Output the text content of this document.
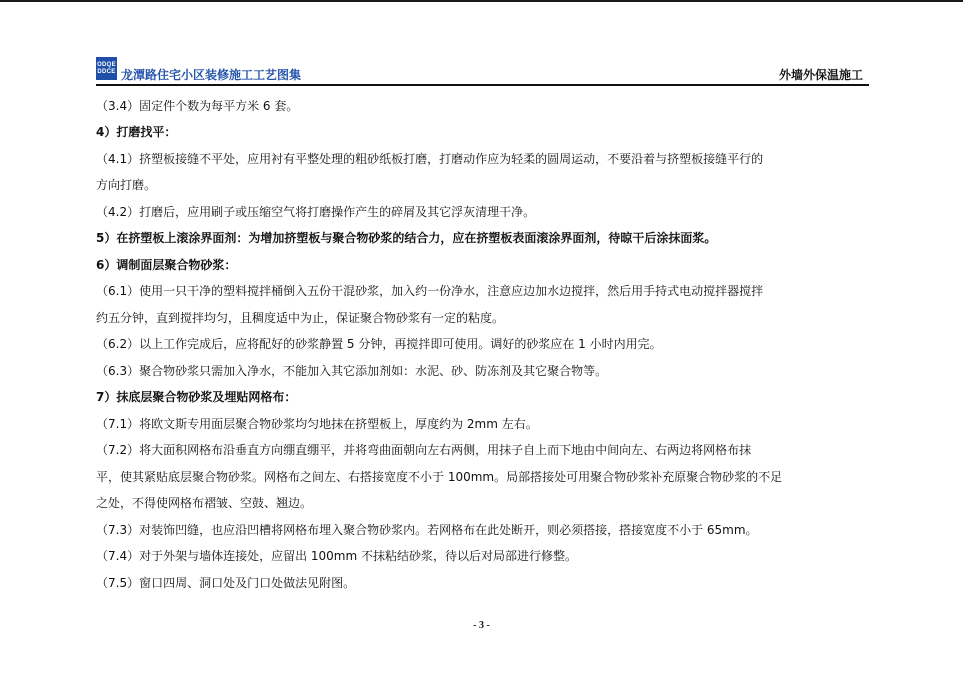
ODQE
DDCE 龙潭路住宅小区装修施工工艺图集	外墙外保温施工
（3.4）固定件个数为每平方米 6 套。
4）打磨找平：
（4.1）挤塑板接缝不平处，应用衬有平整处理的粗砂纸板打磨，打磨动作应为轻柔的圆周运动，不要沿着与挤塑板接缝平行的
方向打磨。
（4.2）打磨后，应用刷子或压缩空气将打磨操作产生的碎屑及其它浮灰清理干净。
5）在挤塑板上滚涂界面剂：为增加挤塑板与聚合物砂浆的结合力，应在挤塑板表面滚涂界面剂，待晾干后涂抹面浆。
6）调制面层聚合物砂浆：
（6.1）使用一只干净的塑料搅拌桶倒入五份干混砂浆，加入约一份净水，注意应边加水边搅拌，然后用手持式电动搅拌器搅拌
约五分钟，直到搅拌均匀，且稠度适中为止，保证聚合物砂浆有一定的粘度。
（6.2）以上工作完成后，应将配好的砂浆静置 5 分钟，再搅拌即可使用。调好的砂浆应在 1 小时内用完。
（6.3）聚合物砂浆只需加入净水，不能加入其它添加剂如：水泥、砂、防冻剂及其它聚合物等。
7）抹底层聚合物砂浆及埋贴网格布：
（7.1）将欧文斯专用面层聚合物砂浆均匀地抹在挤塑板上，厚度约为 2mm 左右。
（7.2）将大面积网格布沿垂直方向绷直绷平，并将弯曲面朝向左右两侧，用抹子自上而下地由中间向左、右两边将网格布抹
平，使其紧贴底层聚合物砂浆。网格布之间左、右搭接宽度不小于 100mm。局部搭接处可用聚合物砂浆补充原聚合物砂浆的不足
之处，不得使网格布褶皱、空鼓、翘边。
（7.3）对装饰凹缝，也应沿凹槽将网格布埋入聚合物砂浆内。若网格布在此处断开，则必须搭接，搭接宽度不小于 65mm。
（7.4）对于外架与墙体连接处，应留出 100mm 不抹粘结砂浆，待以后对局部进行修整。
（7.5）窗口四周、洞口处及门口处做法见附图。
- 3 -
